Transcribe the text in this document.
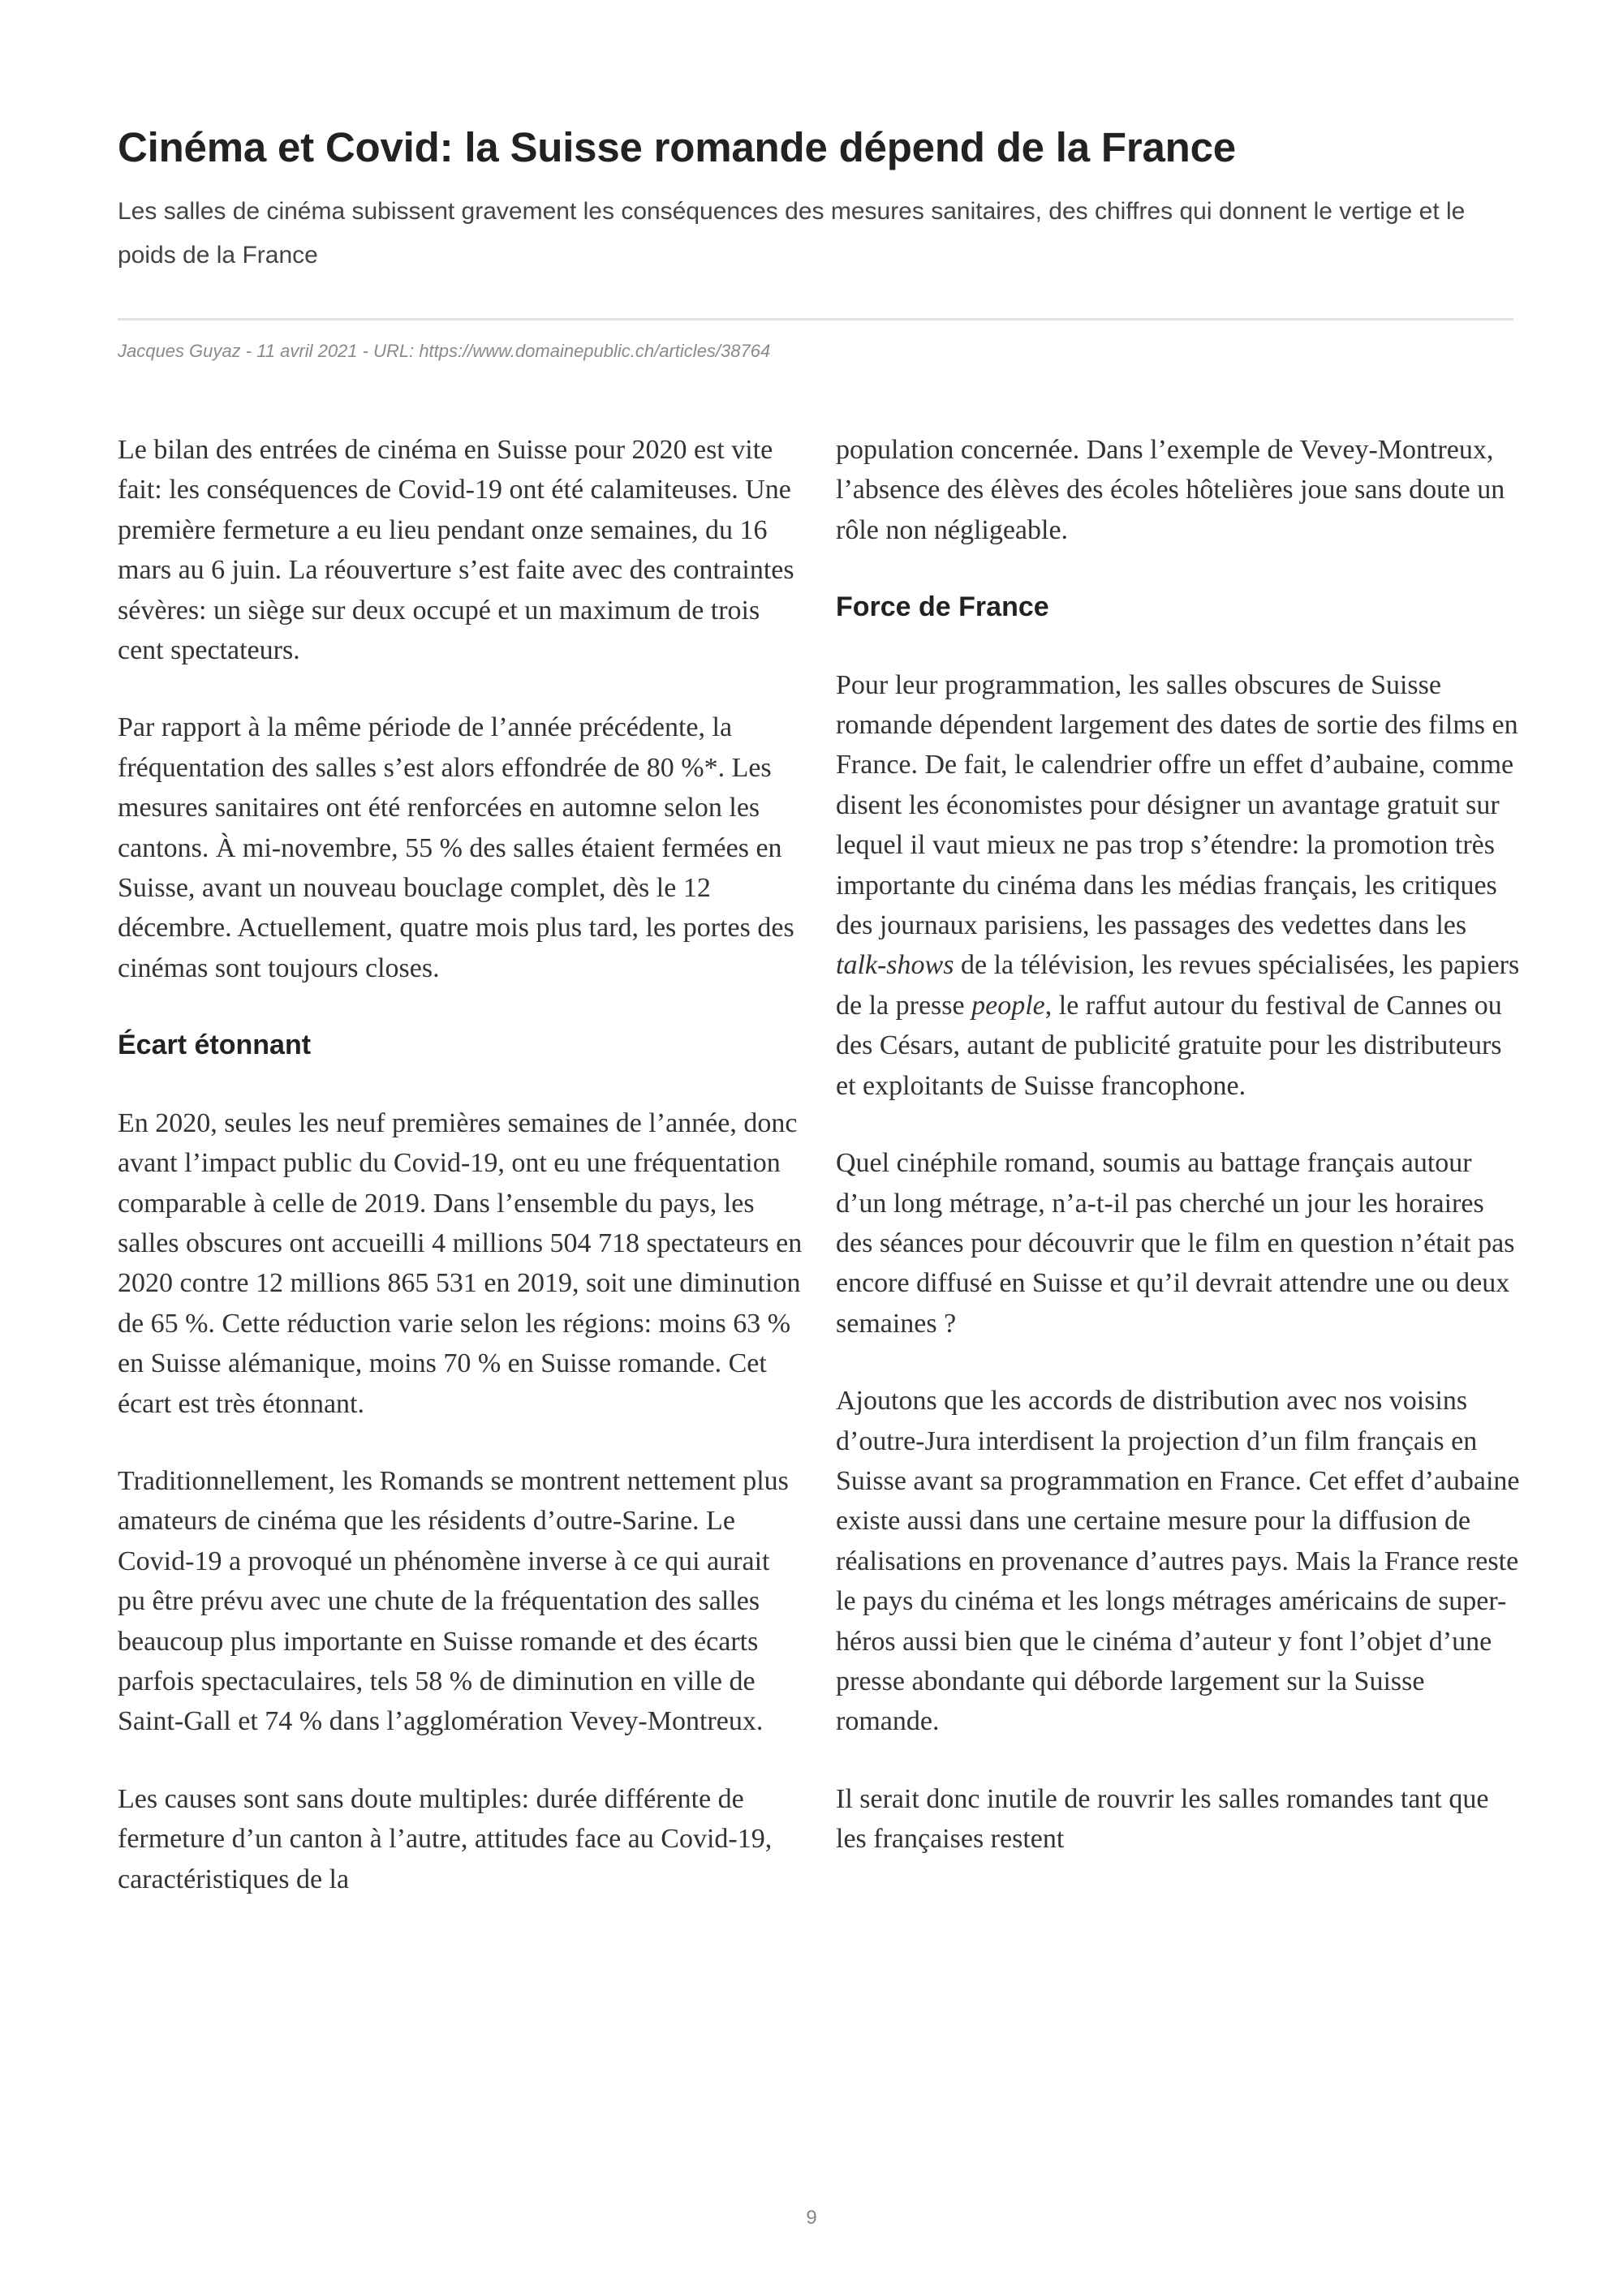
Cinéma et Covid: la Suisse romande dépend de la France

Les salles de cinéma subissent gravement les conséquences des mesures sanitaires, des chiffres qui donnent le vertige et le poids de la France

Jacques Guyaz - 11 avril 2021 - URL: https://www.domainepublic.ch/articles/38764

Le bilan des entrées de cinéma en Suisse pour 2020 est vite fait: les conséquences de Covid-19 ont été calamiteuses. Une première fermeture a eu lieu pendant onze semaines, du 16 mars au 6 juin. La réouverture s’est faite avec des contraintes sévères: un siège sur deux occupé et un maximum de trois cent spectateurs.

Par rapport à la même période de l’année précédente, la fréquentation des salles s’est alors effondrée de 80 %*. Les mesures sanitaires ont été renforcées en automne selon les cantons. À mi-novembre, 55 % des salles étaient fermées en Suisse, avant un nouveau bouclage complet, dès le 12 décembre. Actuellement, quatre mois plus tard, les portes des cinémas sont toujours closes.

Écart étonnant

En 2020, seules les neuf premières semaines de l’année, donc avant l’impact public du Covid-19, ont eu une fréquentation comparable à celle de 2019. Dans l’ensemble du pays, les salles obscures ont accueilli 4 millions 504 718 spectateurs en 2020 contre 12 millions 865 531 en 2019, soit une diminution de 65 %. Cette réduction varie selon les régions: moins 63 % en Suisse alémanique, moins 70 % en Suisse romande. Cet écart est très étonnant.

Traditionnellement, les Romands se montrent nettement plus amateurs de cinéma que les résidents d’outre-Sarine. Le Covid-19 a provoqué un phénomène inverse à ce qui aurait pu être prévu avec une chute de la fréquentation des salles beaucoup plus importante en Suisse romande et des écarts parfois spectaculaires, tels 58 % de diminution en ville de Saint-Gall et 74 % dans l’agglomération Vevey-Montreux.

Les causes sont sans doute multiples: durée différente de fermeture d’un canton à l’autre, attitudes face au Covid-19, caractéristiques de la

population concernée. Dans l’exemple de Vevey-Montreux, l’absence des élèves des écoles hôtelières joue sans doute un rôle non négligeable.

Force de France

Pour leur programmation, les salles obscures de Suisse romande dépendent largement des dates de sortie des films en France. De fait, le calendrier offre un effet d’aubaine, comme disent les économistes pour désigner un avantage gratuit sur lequel il vaut mieux ne pas trop s’étendre: la promotion très importante du cinéma dans les médias français, les critiques des journaux parisiens, les passages des vedettes dans les talk-shows de la télévision, les revues spécialisées, les papiers de la presse people, le raffut autour du festival de Cannes ou des Césars, autant de publicité gratuite pour les distributeurs et exploitants de Suisse francophone.

Quel cinéphile romand, soumis au battage français autour d’un long métrage, n’a-t-il pas cherché un jour les horaires des séances pour découvrir que le film en question n’était pas encore diffusé en Suisse et qu’il devrait attendre une ou deux semaines ?

Ajoutons que les accords de distribution avec nos voisins d’outre-Jura interdisent la projection d’un film français en Suisse avant sa programmation en France. Cet effet d’aubaine existe aussi dans une certaine mesure pour la diffusion de réalisations en provenance d’autres pays. Mais la France reste le pays du cinéma et les longs métrages américains de super-héros aussi bien que le cinéma d’auteur y font l’objet d’une presse abondante qui déborde largement sur la Suisse romande.

Il serait donc inutile de rouvrir les salles romandes tant que les françaises restent

9
